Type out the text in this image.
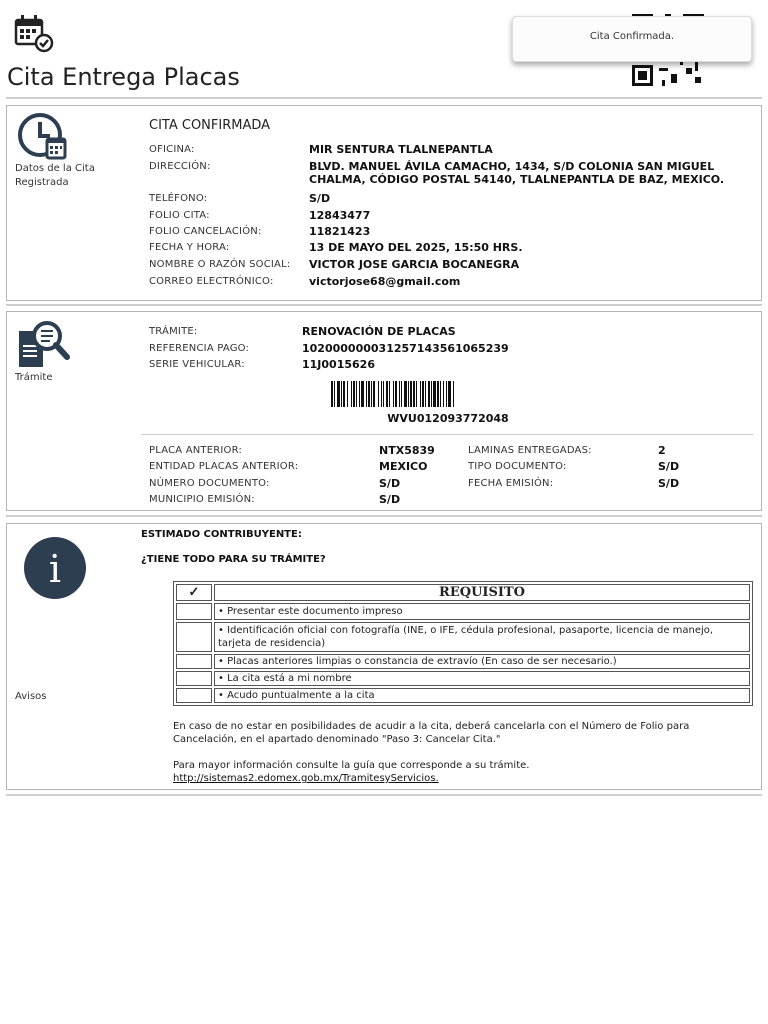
Cita Entrega Placas
Cita Confirmada.
Datos de la Cita Registrada
CITA CONFIRMADA
OFICINA:	MIR SENTURA TLALNEPANTLA
DIRECCIÓN:	BLVD. MANUEL ÁVILA CAMACHO, 1434, S/D COLONIA SAN MIGUEL CHALMA, CÓDIGO POSTAL 54140, TLALNEPANTLA DE BAZ, MEXICO.
TELÉFONO:	S/D
FOLIO CITA:	12843477
FOLIO CANCELACIÓN:	11821423
FECHA Y HORA:	13 DE MAYO DEL 2025, 15:50 HRS.
NOMBRE O RAZÓN SOCIAL: VICTOR JOSE GARCIA BOCANEGRA
CORREO ELECTRÓNICO:	victorjose68@gmail.com
Trámite
TRÁMITE:	RENOVACIÓN DE PLACAS
REFERENCIA PAGO:	10200000003125714356106523​9
SERIE VEHICULAR:	11J0015626
WVU012093772048
PLACA ANTERIOR:	NTX5839
ENTIDAD PLACAS ANTERIOR:	MEXICO
NÚMERO DOCUMENTO:	S/D
MUNICIPIO EMISIÓN:	S/D
LAMINAS ENTREGADAS:	2
TIPO DOCUMENTO:	S/D
FECHA EMISIÓN:	S/D
i
Avisos
ESTIMADO CONTRIBUYENTE:
¿TIENE TODO PARA SU TRÁMITE?
✓	REQUISITO
	• Presentar este documento impreso
	• Identificación oficial con fotografía (INE, o IFE, cédula profesional, pasaporte, licencia de manejo, tarjeta de residencia)
	• Placas anteriores limpias o constancia de extravío (En caso de ser necesario.)
	• La cita está a mi nombre
	• Acudo puntualmente a la cita
En caso de no estar en posibilidades de acudir a la cita, deberá cancelarla con el Número de Folio para Cancelación, en el apartado denominado "Paso 3: Cancelar Cita."
Para mayor información consulte la guía que corresponde a su trámite.
http://sistemas2.edomex.gob.mx/TramitesyServicios.
